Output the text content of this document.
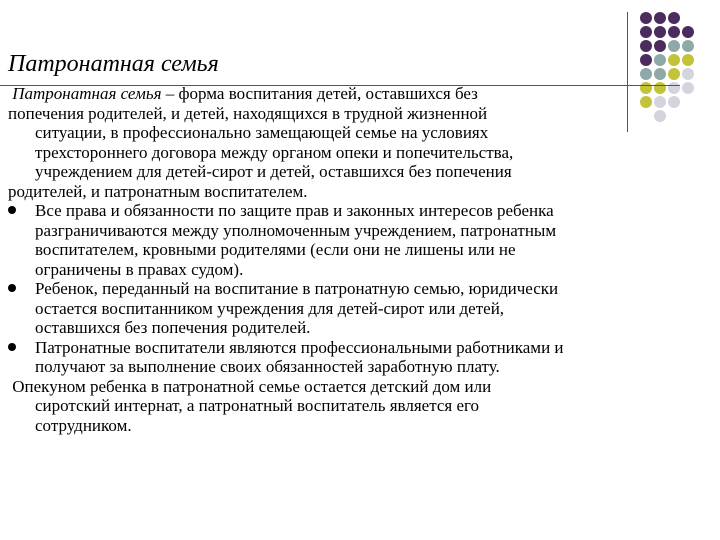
Патронатная семья

Патронатная семья – форма воспитания детей, оставшихся без
попечения родителей, и детей, находящихся в трудной жизненной
ситуации, в профессионально замещающей семье на условиях
трехстороннего договора между органом опеки и попечительства,
учреждением для детей-сирот и детей, оставшихся без попечения
родителей, и патронатным воспитателем.

Все права и обязанности по защите прав и законных интересов ребенка
разграничиваются между уполномоченным учреждением, патронатным
воспитателем, кровными родителями (если они не лишены или не
ограничены в правах судом).
Ребенок, переданный на воспитание в патронатную семью, юридически
остается воспитанником учреждения для детей-сирот или детей,
оставшихся без попечения родителей.
Патронатные воспитатели являются профессиональными работниками и
получают за выполнение своих обязанностей заработную плату.

Опекуном ребенка в патронатной семье остается детский дом или
сиротский интернат, а патронатный воспитатель является его
сотрудником.
